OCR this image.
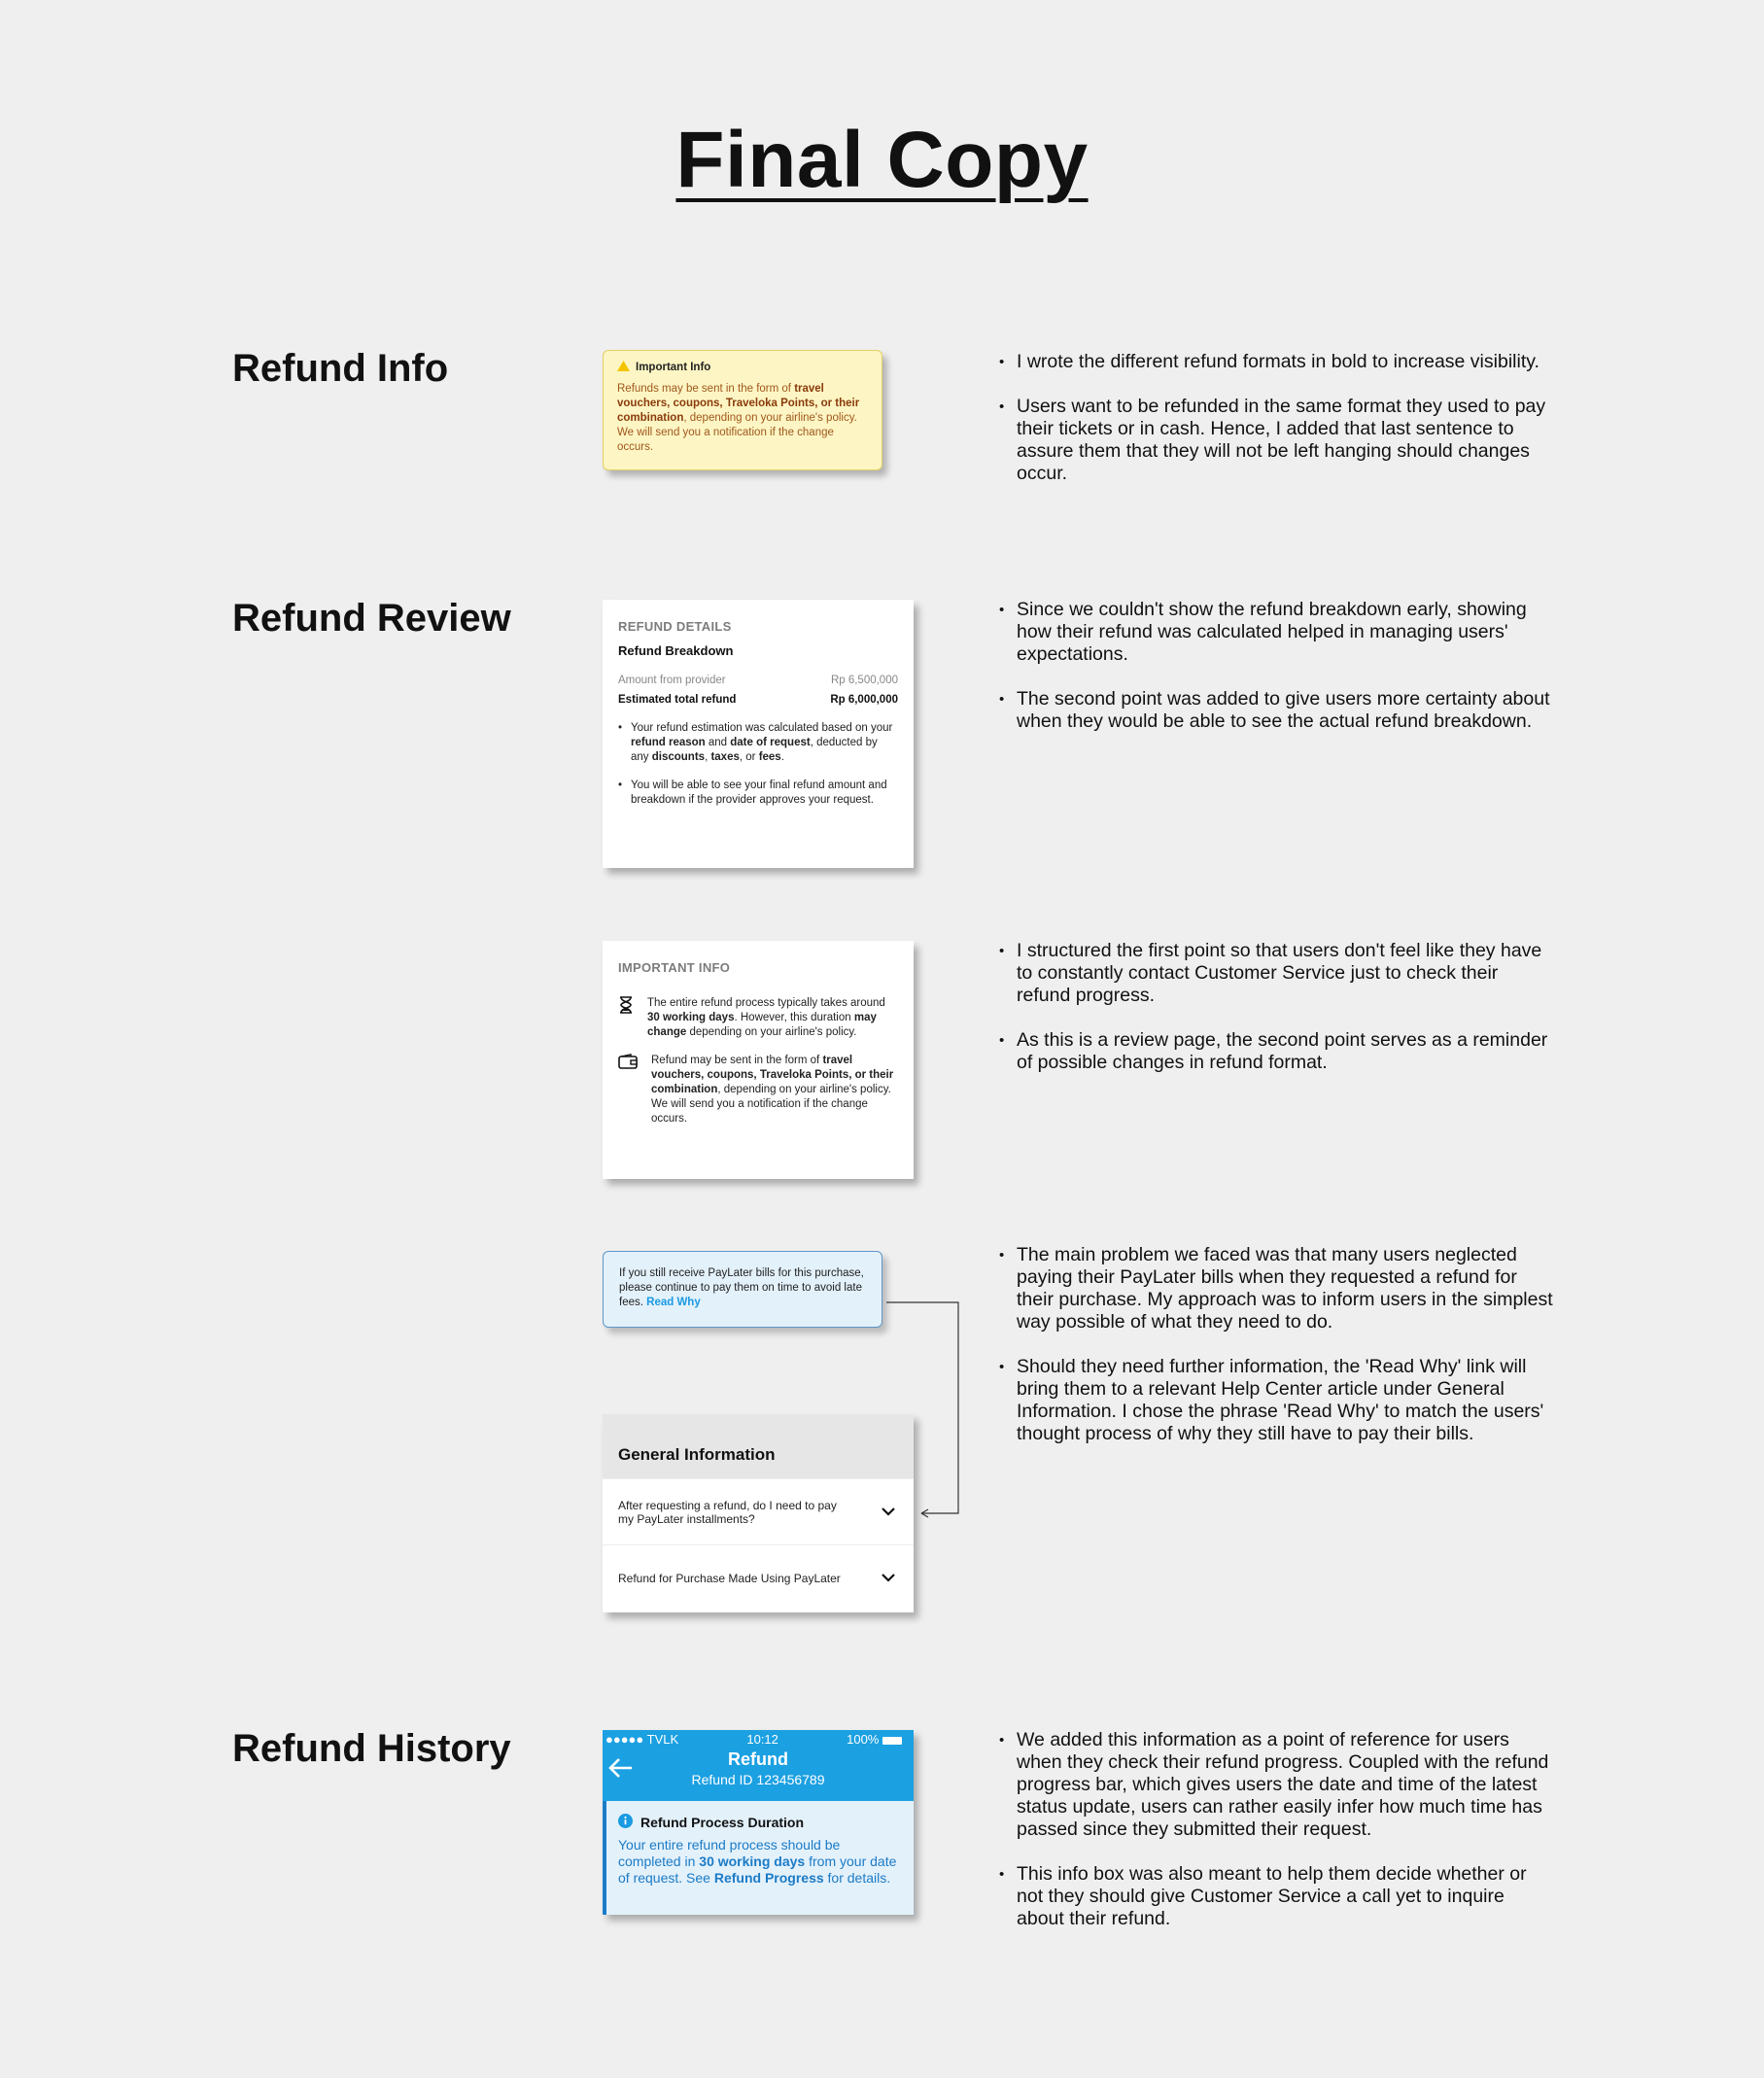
Final Copy
Refund Info
Refund Review
Refund History
Important Info
Refunds may be sent in the form of travel vouchers, coupons, Traveloka Points, or their combination, depending on your airline's policy. We will send you a notification if the change occurs.
• I wrote the different refund formats in bold to increase visibility.
• Users want to be refunded in the same format they used to pay their tickets or in cash. Hence, I added that last sentence to assure them that they will not be left hanging should changes occur.
REFUND DETAILS
Refund Breakdown
Amount from provider	Rp 6,500,000
Estimated total refund	Rp 6,000,000
• Your refund estimation was calculated based on your refund reason and date of request, deducted by any discounts, taxes, or fees.
• You will be able to see your final refund amount and breakdown if the provider approves your request.
• Since we couldn't show the refund breakdown early, showing how their refund was calculated helped in managing users' expectations.
• The second point was added to give users more certainty about when they would be able to see the actual refund breakdown.
IMPORTANT INFO
The entire refund process typically takes around 30 working days. However, this duration may change depending on your airline's policy.
Refund may be sent in the form of travel vouchers, coupons, Traveloka Points, or their combination, depending on your airline's policy. We will send you a notification if the change occurs.
• I structured the first point so that users don't feel like they have to constantly contact Customer Service just to check their refund progress.
• As this is a review page, the second point serves as a reminder of possible changes in refund format.
If you still receive PayLater bills for this purchase, please continue to pay them on time to avoid late fees. Read Why
General Information
After requesting a refund, do I need to pay my PayLater installments?
Refund for Purchase Made Using PayLater
• The main problem we faced was that many users neglected paying their PayLater bills when they requested a refund for their purchase. My approach was to inform users in the simplest way possible of what they need to do.
• Should they need further information, the 'Read Why' link will bring them to a relevant Help Center article under General Information. I chose the phrase 'Read Why' to match the users' thought process of why they still have to pay their bills.
●●●●● TVLK	10:12	100%
Refund
Refund ID 123456789
Refund Process Duration
Your entire refund process should be completed in 30 working days from your date of request. See Refund Progress for details.
• We added this information as a point of reference for users when they check their refund progress. Coupled with the refund progress bar, which gives users the date and time of the latest status update, users can rather easily infer how much time has passed since they submitted their request.
• This info box was also meant to help them decide whether or not they should give Customer Service a call yet to inquire about their refund.
